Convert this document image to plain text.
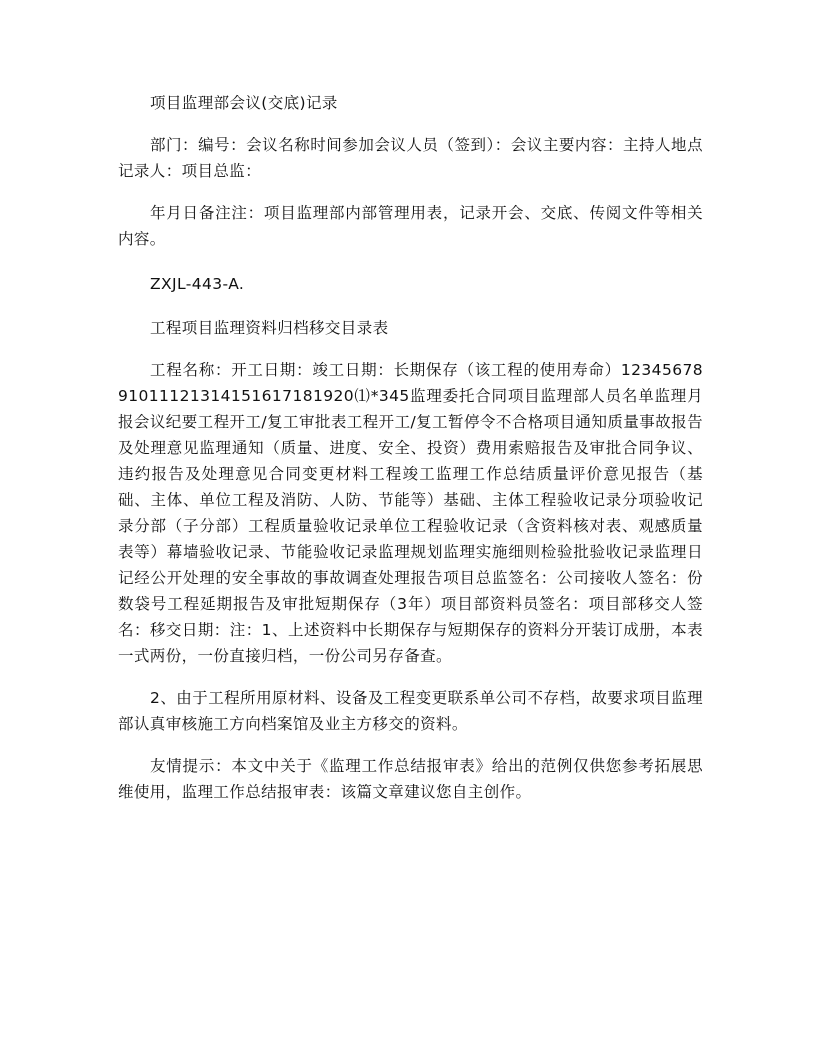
项目监理部会议(交底)记录

部门：编号：会议名称时间参加会议人员（签到）：会议主要内容：主持人地点记录人：项目总监：

年月日备注注：项目监理部内部管理用表，记录开会、交底、传阅文件等相关内容。

ZXJL-443-A.

工程项目监理资料归档移交目录表

工程名称：开工日期：竣工日期：长期保存（该工程的使用寿命）1234567891011121314151617181920⑴*345监理委托合同项目监理部人员名单监理月报会议纪要工程开工/复工审批表工程开工/复工暂停令不合格项目通知质量事故报告及处理意见监理通知（质量、进度、安全、投资）费用索赔报告及审批合同争议、违约报告及处理意见合同变更材料工程竣工监理工作总结质量评价意见报告（基础、主体、单位工程及消防、人防、节能等）基础、主体工程验收记录分项验收记录分部（子分部）工程质量验收记录单位工程验收记录（含资料核对表、观感质量表等）幕墙验收记录、节能验收记录监理规划监理实施细则检验批验收记录监理日记经公开处理的安全事故的事故调查处理报告项目总监签名：公司接收人签名：份数袋号工程延期报告及审批短期保存（3年）项目部资料员签名：项目部移交人签名：移交日期：注：1、上述资料中长期保存与短期保存的资料分开装订成册，本表一式两份，一份直接归档，一份公司另存备查。

2、由于工程所用原材料、设备及工程变更联系单公司不存档，故要求项目监理部认真审核施工方向档案馆及业主方移交的资料。

友情提示：本文中关于《监理工作总结报审表》给出的范例仅供您参考拓展思维使用，监理工作总结报审表：该篇文章建议您自主创作。
